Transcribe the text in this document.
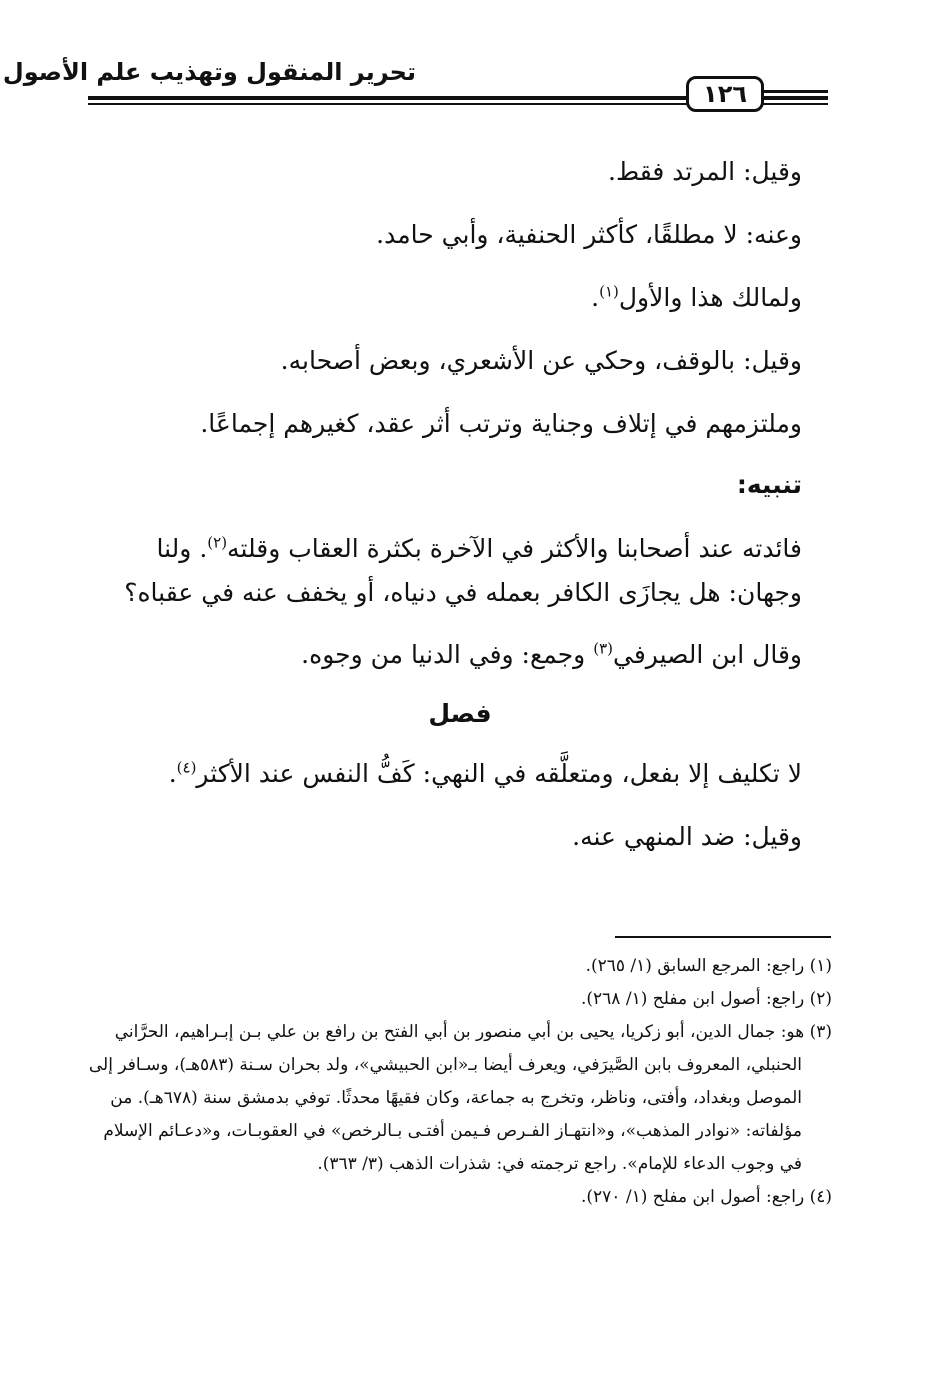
تحرير المنقول وتهذيب علم الأصول
١٢٦

وقيل: المرتد فقط.

وعنه: لا مطلقًا، كأكثر الحنفية، وأبي حامد.

ولمالك هذا والأول$^{(١)}$.

وقيل: بالوقف، وحكي عن الأشعري، وبعض أصحابه.

وملتزمهم في إتلاف وجناية وترتب أثر عقد، كغيرهم إجماعًا.

تنبيه:

فائدته عند أصحابنا والأكثر في الآخرة بكثرة العقاب وقلته$^{(٢)}$. ولنا وجهان: هل يجازَى الكافر بعمله في دنياه، أو يخفف عنه في عقباه؟

وقال ابن الصيرفي$^{(٣)}$ وجمع: وفي الدنيا من وجوه.

فصل

لا تكليف إلا بفعل، ومتعلَّقه في النهي: كَفُّ النفس عند الأكثر$^{(٤)}$.

وقيل: ضد المنهي عنه.

(١) راجع: المرجع السابق (١/ ٢٦٥).

(٢) راجع: أصول ابن مفلح (١/ ٢٦٨).

(٣) هو: جمال الدين، أبو زكريا، يحيى بن أبي منصور بن أبي الفتح بن رافع بن علي بـن إبـراهيم، الحرَّاني الحنبلي، المعروف بابن الصَّيرَفي، ويعرف أيضا بـ«ابن الحبيشي»، ولد بحران سـنة (٥٨٣هـ)، وسـافر إلى الموصل وبغداد، وأفتى، وناظر، وتخرج به جماعة، وكان فقيهًا محدثًا. توفي بدمشق سنة (٦٧٨هـ). من مؤلفاته: «نوادر المذهب»، و«انتهـاز الفـرص فـيمن أفتـى بـالرخص» في العقوبـات، و«دعـائم الإسلام في وجوب الدعاء للإمام». راجع ترجمته في: شذرات الذهب (٣/ ٣٦٣).

(٤) راجع: أصول ابن مفلح (١/ ٢٧٠).
